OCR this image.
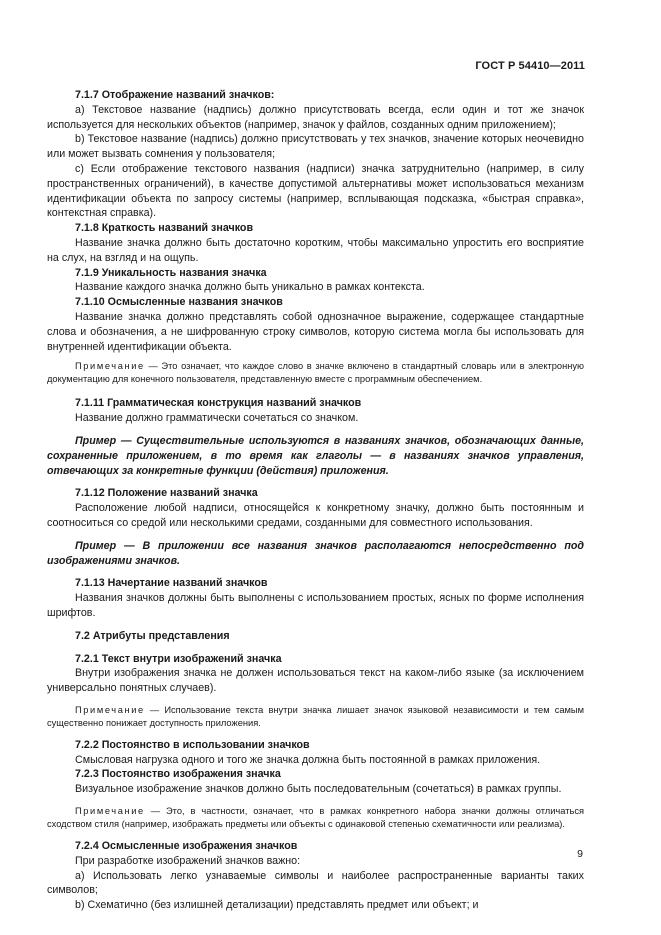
ГОСТ Р 54410—2011

7.1.7 Отображение названий значков:

а) Текстовое название (надпись) должно присутствовать всегда, если один и тот же значок используется для нескольких объектов (например, значок у файлов, созданных одним приложением);

b) Текстовое название (надпись) должно присутствовать у тех значков, значение которых неочевидно или может вызвать сомнения у пользователя;

c) Если отображение текстового названия (надписи) значка затруднительно (например, в силу пространственных ограничений), в качестве допустимой альтернативы может использоваться механизм идентификации объекта по запросу системы (например, всплывающая подсказка, «быстрая справка», контекстная справка).

7.1.8 Краткость названий значков

Название значка должно быть достаточно коротким, чтобы максимально упростить его восприятие на слух, на взгляд и на ощупь.

7.1.9 Уникальность названия значка

Название каждого значка должно быть уникально в рамках контекста.

7.1.10 Осмысленные названия значков

Название значка должно представлять собой однозначное выражение, содержащее стандартные слова и обозначения, а не шифрованную строку символов, которую система могла бы использовать для внутренней идентификации объекта.

Примечание — Это означает, что каждое слово в значке включено в стандартный словарь или в электронную документацию для конечного пользователя, представленную вместе с программным обеспечением.

7.1.11 Грамматическая конструкция названий значков

Название должно грамматически сочетаться со значком.

Пример — Существительные используются в названиях значков, обозначающих данные, сохраненные приложением, в то время как глаголы — в названиях значков управления, отвечающих за конкретные функции (действия) приложения.

7.1.12 Положение названий значка

Расположение любой надписи, относящейся к конкретному значку, должно быть постоянным и соотноситься со средой или несколькими средами, созданными для совместного использования.

Пример — В приложении все названия значков располагаются непосредственно под изображениями значков.

7.1.13 Начертание названий значков

Названия значков должны быть выполнены с использованием простых, ясных по форме исполнения шрифтов.

7.2 Атрибуты представления

7.2.1 Текст внутри изображений значка

Внутри изображения значка не должен использоваться текст на каком-либо языке (за исключением универсально понятных случаев).

Примечание — Использование текста внутри значка лишает значок языковой независимости и тем самым существенно понижает доступность приложения.

7.2.2 Постоянство в использовании значков

Смысловая нагрузка одного и того же значка должна быть постоянной в рамках приложения.

7.2.3 Постоянство изображения значка

Визуальное изображение значков должно быть последовательным (сочетаться) в рамках группы.

Примечание — Это, в частности, означает, что в рамках конкретного набора значки должны отличаться сходством стиля (например, изображать предметы или объекты с одинаковой степенью схематичности или реализма).

7.2.4 Осмысленные изображения значков

При разработке изображений значков важно:

а) Использовать легко узнаваемые символы и наиболее распространенные варианты таких символов;

b) Схематично (без излишней детализации) представлять предмет или объект; и

9
